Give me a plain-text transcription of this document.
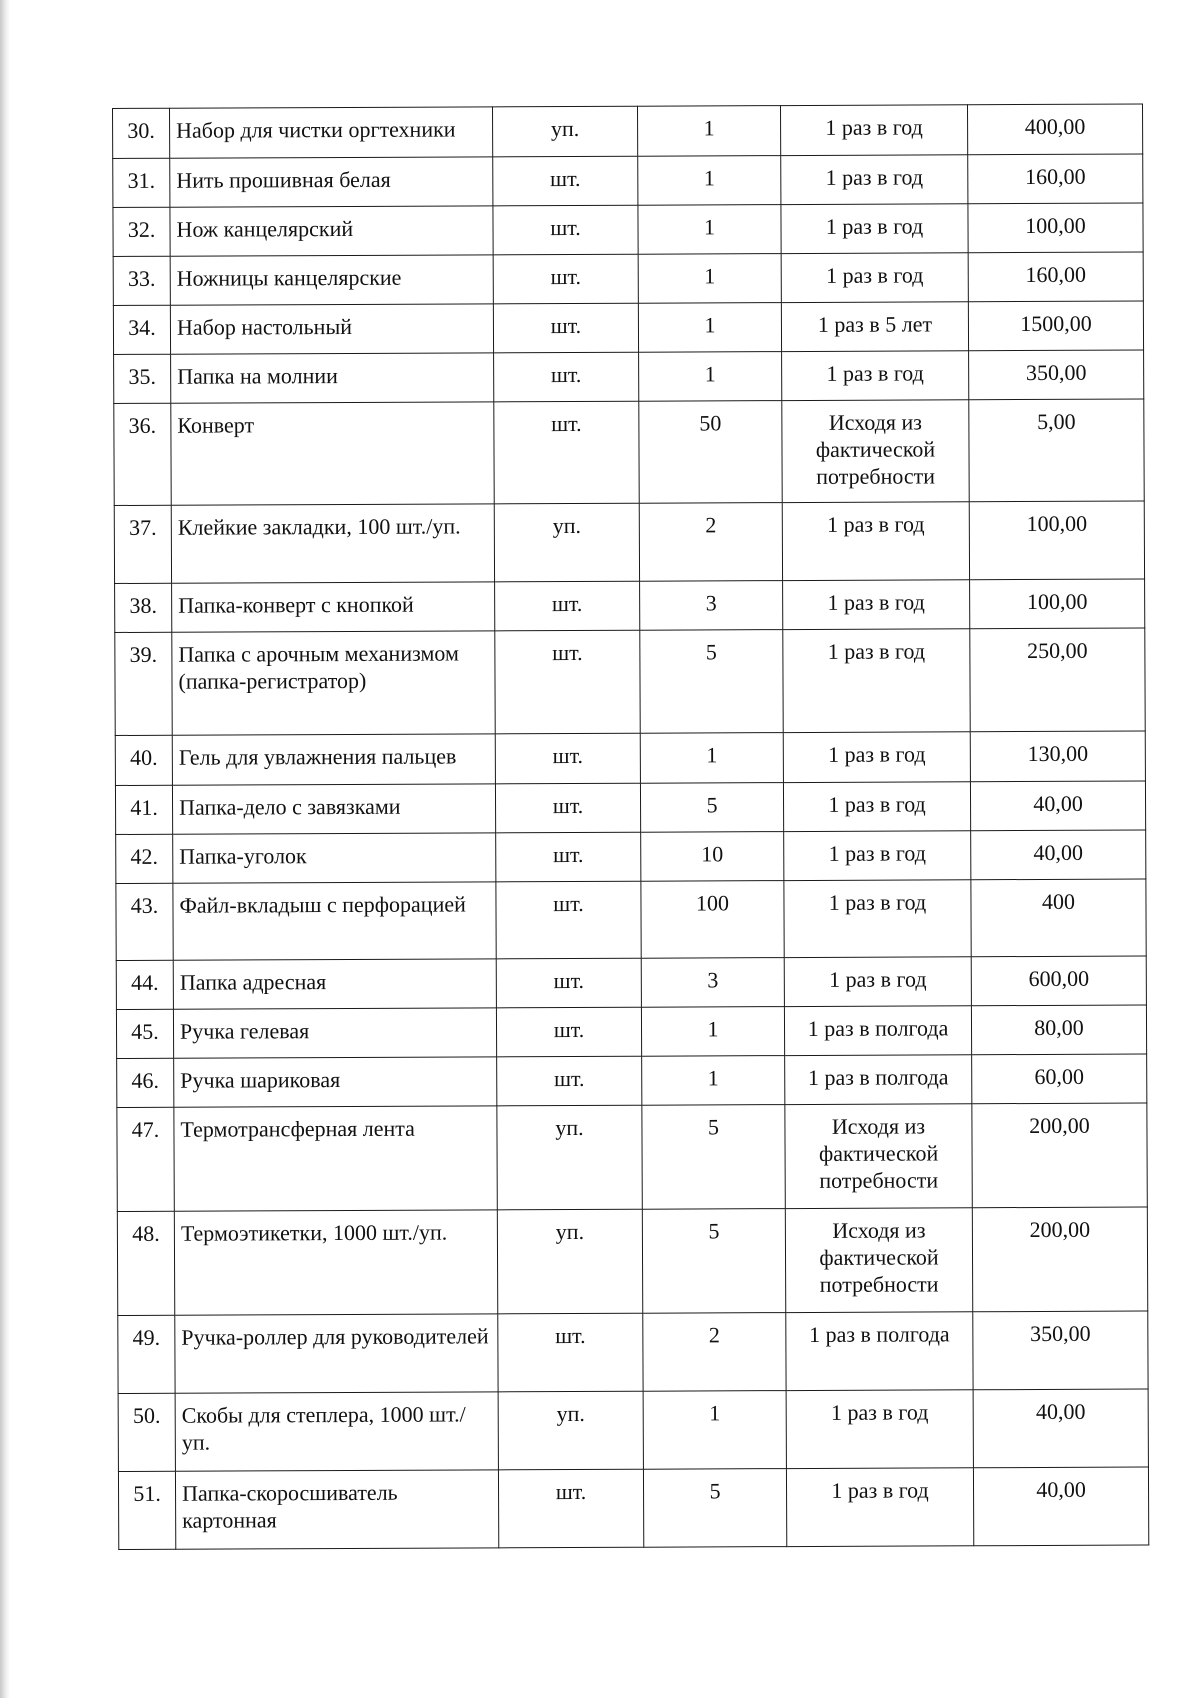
30.	Набор для чистки оргтехники	уп.	1	1 раз в год	400,00
31.	Нить прошивная белая	шт.	1	1 раз в год	160,00
32.	Нож канцелярский	шт.	1	1 раз в год	100,00
33.	Ножницы канцелярские	шт.	1	1 раз в год	160,00
34.	Набор настольный	шт.	1	1 раз в 5 лет	1500,00
35.	Папка на молнии	шт.	1	1 раз в год	350,00
36.	Конверт	шт.	50	Исходя из фактической потребности	5,00
37.	Клейкие закладки, 100 шт./уп.	уп.	2	1 раз в год	100,00
38.	Папка-конверт с кнопкой	шт.	3	1 раз в год	100,00
39.	Папка с арочным механизмом (папка-регистратор)	шт.	5	1 раз в год	250,00
40.	Гель для увлажнения пальцев	шт.	1	1 раз в год	130,00
41.	Папка-дело с завязками	шт.	5	1 раз в год	40,00
42.	Папка-уголок	шт.	10	1 раз в год	40,00
43.	Файл-вкладыш с перфорацией	шт.	100	1 раз в год	400
44.	Папка адресная	шт.	3	1 раз в год	600,00
45.	Ручка гелевая	шт.	1	1 раз в полгода	80,00
46.	Ручка шариковая	шт.	1	1 раз в полгода	60,00
47.	Термотрансферная лента	уп.	5	Исходя из фактической потребности	200,00
48.	Термоэтикетки, 1000 шт./уп.	уп.	5	Исходя из фактической потребности	200,00
49.	Ручка-роллер для руководителей	шт.	2	1 раз в полгода	350,00
50.	Скобы для степлера, 1000 шт./уп.	уп.	1	1 раз в год	40,00
51.	Папка-скоросшиватель картонная	шт.	5	1 раз в год	40,00
